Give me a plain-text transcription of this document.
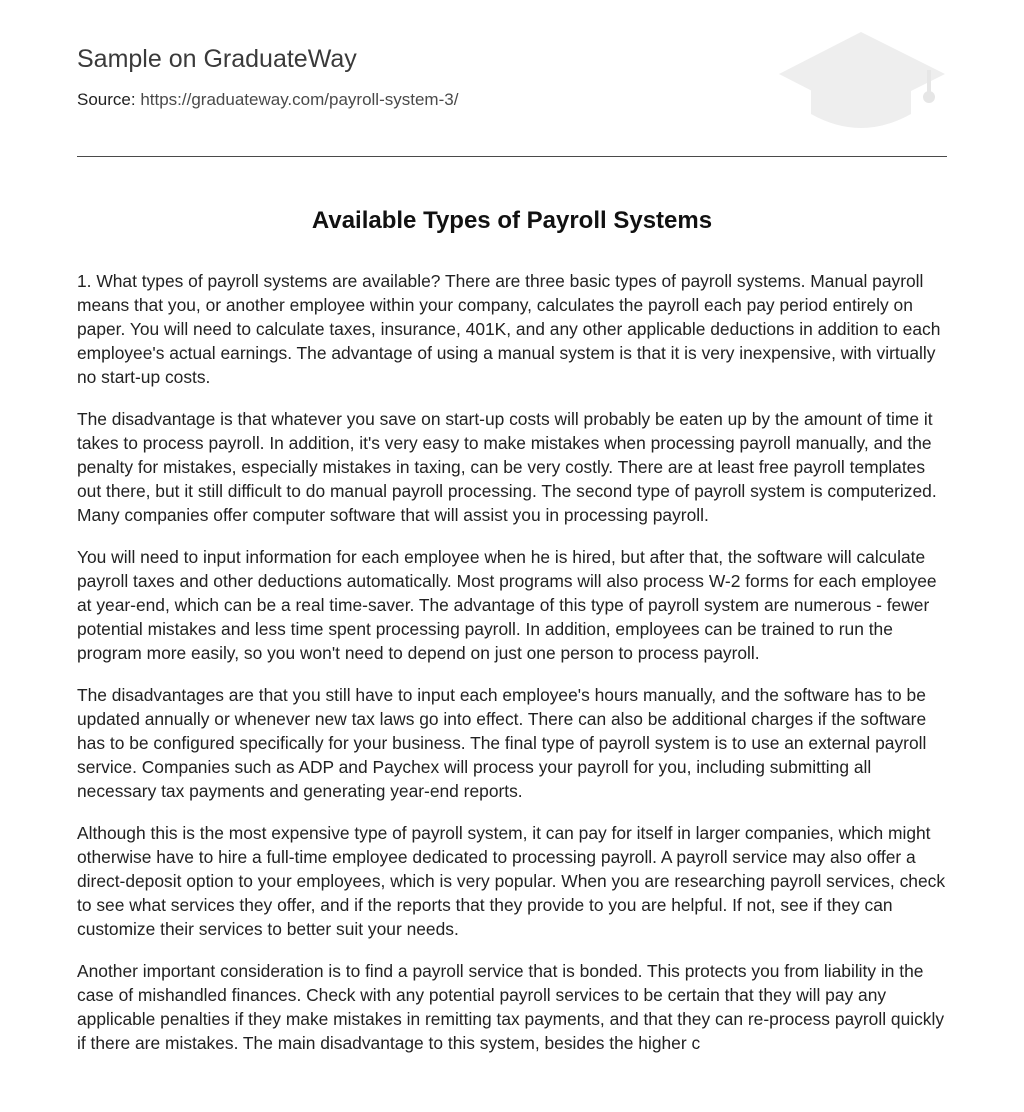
Sample on GraduateWay
Source: https://graduateway.com/payroll-system-3/
Available Types of Payroll Systems

1. What types of payroll systems are available? There are three basic types of payroll systems. Manual payroll means that you, or another employee within your company, calculates the payroll each pay period entirely on paper. You will need to calculate taxes, insurance, 401K, and any other applicable deductions in addition to each employee's actual earnings. The advantage of using a manual system is that it is very inexpensive, with virtually no start-up costs.

The disadvantage is that whatever you save on start-up costs will probably be eaten up by the amount of time it takes to process payroll. In addition, it's very easy to make mistakes when processing payroll manually, and the penalty for mistakes, especially mistakes in taxing, can be very costly. There are at least free payroll templates out there, but it still difficult to do manual payroll processing. The second type of payroll system is computerized. Many companies offer computer software that will assist you in processing payroll.

You will need to input information for each employee when he is hired, but after that, the software will calculate payroll taxes and other deductions automatically. Most programs will also process W-2 forms for each employee at year-end, which can be a real time-saver. The advantage of this type of payroll system are numerous - fewer potential mistakes and less time spent processing payroll. In addition, employees can be trained to run the program more easily, so you won't need to depend on just one person to process payroll.

The disadvantages are that you still have to input each employee's hours manually, and the software has to be updated annually or whenever new tax laws go into effect. There can also be additional charges if the software has to be configured specifically for your business. The final type of payroll system is to use an external payroll service. Companies such as ADP and Paychex will process your payroll for you, including submitting all necessary tax payments and generating year-end reports.

Although this is the most expensive type of payroll system, it can pay for itself in larger companies, which might otherwise have to hire a full-time employee dedicated to processing payroll. A payroll service may also offer a direct-deposit option to your employees, which is very popular. When you are researching payroll services, check to see what services they offer, and if the reports that they provide to you are helpful. If not, see if they can customize their services to better suit your needs.

Another important consideration is to find a payroll service that is bonded. This protects you from liability in the case of mishandled finances. Check with any potential payroll services to be certain that they will pay any applicable penalties if they make mistakes in remitting tax payments, and that they can re-process payroll quickly if there are mistakes. The main disadvantage to this system, besides the higher c
